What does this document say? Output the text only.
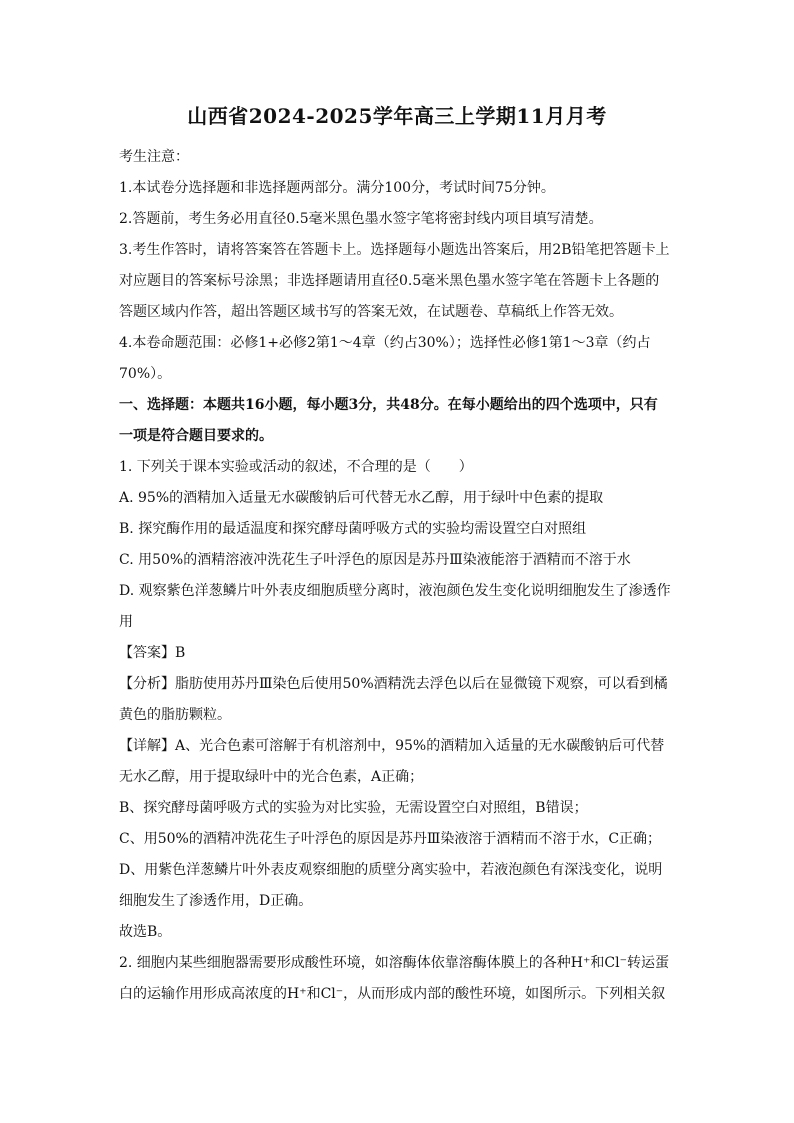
山西省2024-2025学年高三上学期11月月考
考生注意：
1.本试卷分选择题和非选择题两部分。满分100分，考试时间75分钟。
2.答题前，考生务必用直径0.5毫米黑色墨水签字笔将密封线内项目填写清楚。
3.考生作答时，请将答案答在答题卡上。选择题每小题选出答案后，用2B铅笔把答题卡上
对应题目的答案标号涂黑；非选择题请用直径0.5毫米黑色墨水签字笔在答题卡上各题的
答题区域内作答，超出答题区域书写的答案无效，在试题卷、草稿纸上作答无效。
4.本卷命题范围：必修1+必修2第1～4章（约占30%）；选择性必修1第1～3章（约占
70%）。
一、选择题：本题共16小题，每小题3分，共48分。在每小题给出的四个选项中，只有
一项是符合题目要求的。
1. 下列关于课本实验或活动的叙述，不合理的是（　　）
A. 95%的酒精加入适量无水碳酸钠后可代替无水乙醇，用于绿叶中色素的提取
B. 探究酶作用的最适温度和探究酵母菌呼吸方式的实验均需设置空白对照组
C. 用50%的酒精溶液冲洗花生子叶浮色的原因是苏丹Ⅲ染液能溶于酒精而不溶于水
D. 观察紫色洋葱鳞片叶外表皮细胞质壁分离时，液泡颜色发生变化说明细胞发生了渗透作
用
【答案】B
【分析】脂肪使用苏丹Ⅲ染色后使用50%酒精洗去浮色以后在显微镜下观察，可以看到橘
黄色的脂肪颗粒。
【详解】A、光合色素可溶解于有机溶剂中，95%的酒精加入适量的无水碳酸钠后可代替
无水乙醇，用于提取绿叶中的光合色素，A正确；
B、探究酵母菌呼吸方式的实验为对比实验，无需设置空白对照组，B错误；
C、用50%的酒精冲洗花生子叶浮色的原因是苏丹Ⅲ染液溶于酒精而不溶于水，C正确；
D、用紫色洋葱鳞片叶外表皮观察细胞的质壁分离实验中，若液泡颜色有深浅变化，说明
细胞发生了渗透作用，D正确。
故选B。
2. 细胞内某些细胞器需要形成酸性环境，如溶酶体依靠溶酶体膜上的各种H⁺和Cl⁻转运蛋
白的运输作用形成高浓度的H⁺和Cl⁻，从而形成内部的酸性环境，如图所示。下列相关叙
